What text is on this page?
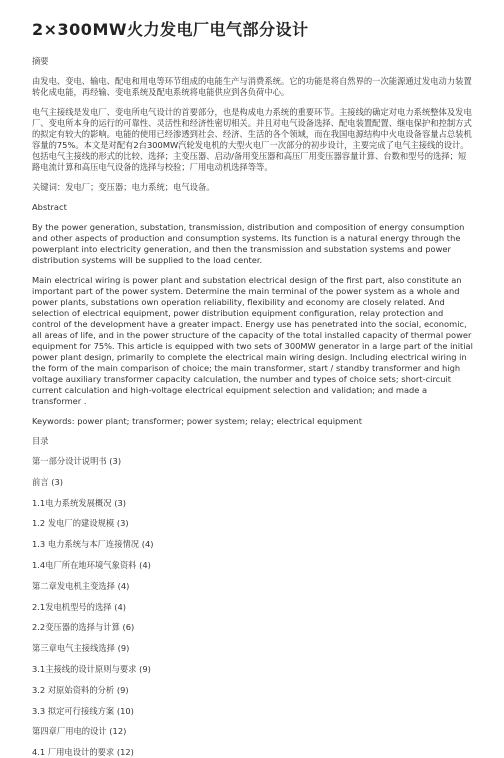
2×300MW火力发电厂电气部分设计
摘要

由发电、变电、输电、配电和用电等环节组成的电能生产与消费系统。它的功能是将自然界的一次能源通过发电动力装置转化成电能，再经输、变电系统及配电系统将电能供应到各负荷中心。

电气主接线是发电厂、变电所电气设计的首要部分，也是构成电力系统的重要环节。主接线的确定对电力系统整体及发电厂、变电所本身的运行的可靠性、灵活性和经济性密切相关。并且对电气设备选择、配电装置配置、继电保护和控制方式的拟定有较大的影响。电能的使用已经渗透到社会、经济、生活的各个领域，而在我国电源结构中火电设备容量占总装机容量的75%。本文是对配有2台300MW汽轮发电机的大型火电厂一次部分的初步设计，主要完成了电气主接线的设计。包括电气主接线的形式的比较、选择；主变压器、启动/备用变压器和高压厂用变压器容量计算、台数和型号的选择；短路电流计算和高压电气设备的选择与校验；厂用电动机选择等等。

关键词：发电厂；变压器；电力系统；电气设备。

Abstract

By the power generation, substation, transmission, distribution and composition of energy consumption and other aspects of production and consumption systems. Its function is a natural energy through the powerplant into electricity generation, and then the transmission and substation systems and power distribution systems will be supplied to the load center.

Main electrical wiring is power plant and substation electrical design of the first part, also constitute an important part of the power system. Determine the main terminal of the power system as a whole and power plants, substations own operation reliability, flexibility and economy are closely related. And selection of electrical equipment, power distribution equipment configuration, relay protection and control of the development have a greater impact. Energy use has penetrated into the social, economic, all areas of life, and in the power structure of the capacity of the total installed capacity of thermal power equipment for 75%. This article is equipped with two sets of 300MW generator in a large part of the initial power plant design, primarily to complete the electrical main wiring design. Including electrical wiring in the form of the main comparison of choice; the main transformer, start / standby transformer and high voltage auxiliary transformer capacity calculation, the number and types of choice sets; short-circuit current calculation and high-voltage electrical equipment selection and validation; and made a transformer .

Keywords: power plant; transformer; power system; relay; electrical equipment

目录

第一部分设计说明书 (3)

前言 (3)

1.1电力系统发展概况 (3)

1.2 发电厂的建设规模 (3)

1.3 电力系统与本厂连接情况 (4)

1.4电厂所在地环境气象资料 (4)

第二章发电机主变选择 (4)

2.1发电机型号的选择 (4)

2.2变压器的选择与计算 (6)

第三章电气主接线选择 (9)

3.1主接线的设计原则与要求 (9)

3.2 对原始资料的分析 (9)

3.3 拟定可行接线方案 (10)

第四章厂用电的设计 (12)

4.1 厂用电设计的要求 (12)
